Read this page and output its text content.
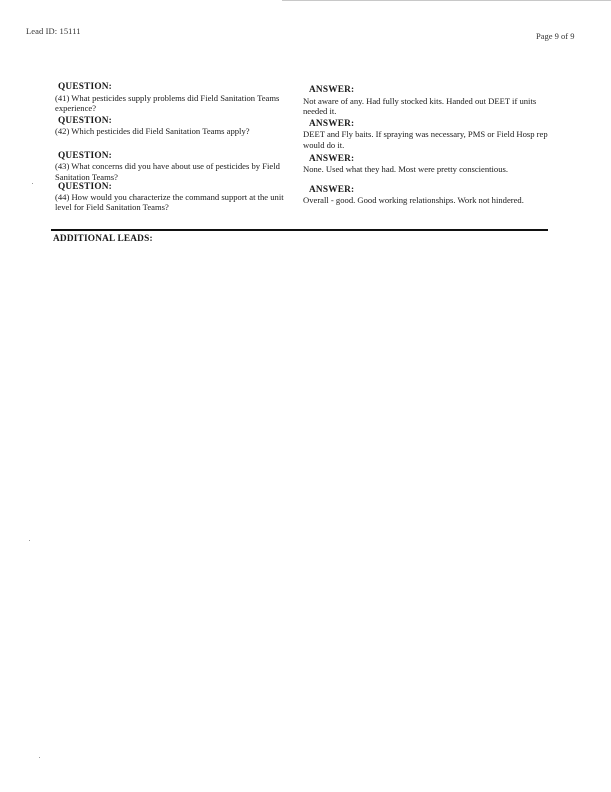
Lead ID: 15111	Page 9 of 9
QUESTION:
(41) What pesticides supply problems did Field Sanitation Teams experience?
ANSWER:
Not aware of any. Had fully stocked kits. Handed out DEET if units needed it.
QUESTION:
(42) Which pesticides did Field Sanitation Teams apply?
ANSWER:
DEET and Fly baits. If spraying was necessary, PMS or Field Hosp rep would do it.
QUESTION:
(43) What concerns did you have about use of pesticides by Field Sanitation Teams?
ANSWER:
None. Used what they had. Most were pretty conscientious.
QUESTION:
(44) How would you characterize the command support at the unit level for Field Sanitation Teams?
ANSWER:
Overall - good. Good working relationships. Work not hindered.
ADDITIONAL LEADS:
